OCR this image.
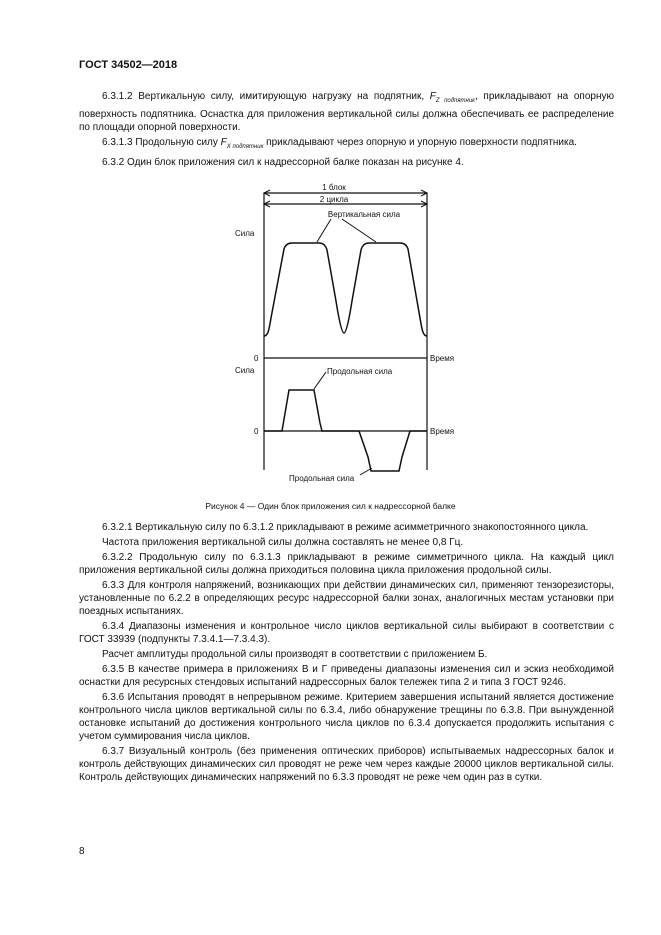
ГОСТ 34502—2018

6.3.1.2 Вертикальную силу, имитирующую нагрузку на подпятник, $F_{Z подпятник}$, прикладывают на опорную поверхность подпятника. Оснастка для приложения вертикальной силы должна обеспечивать ее распределение по площади опорной поверхности.

6.3.1.3 Продольную силу $F_{X подпятник}$ прикладывают через опорную и упорную поверхности подпятника.

6.3.2 Один блок приложения сил к надрессорной балке показан на рисунке 4.

1 блок
2 цикла
Вертикальная сила
Сила
0	Время
Сила	Продольная сила
0	Время
Продольная сила
Рисунок 4 — Один блок приложения сил к надрессорной балке

6.3.2.1 Вертикальную силу по 6.3.1.2 прикладывают в режиме асимметричного знакопостоянного цикла.

Частота приложения вертикальной силы должна составлять не менее 0,8 Гц.

6.3.2.2 Продольную силу по 6.3.1.3 прикладывают в режиме симметричного цикла. На каждый цикл приложения вертикальной силы должна приходиться половина цикла приложения продольной силы.

6.3.3 Для контроля напряжений, возникающих при действии динамических сил, применяют тензорезисторы, установленные по 6.2.2 в определяющих ресурс надрессорной балки зонах, аналогичных местам установки при поездных испытаниях.

6.3.4 Диапазоны изменения и контрольное число циклов вертикальной силы выбирают в соответствии с ГОСТ 33939 (подпункты 7.3.4.1—7.3.4.3).

Расчет амплитуды продольной силы производят в соответствии с приложением Б.

6.3.5 В качестве примера в приложениях В и Г приведены диапазоны изменения сил и эскиз необходимой оснастки для ресурсных стендовых испытаний надрессорных балок тележек типа 2 и типа 3 ГОСТ 9246.

6.3.6 Испытания проводят в непрерывном режиме. Критерием завершения испытаний является достижение контрольного числа циклов вертикальной силы по 6.3.4, либо обнаружение трещины по 6.3.8. При вынужденной остановке испытаний до достижения контрольного числа циклов по 6.3.4 допускается продолжить испытания с учетом суммирования числа циклов.

6.3.7 Визуальный контроль (без применения оптических приборов) испытываемых надрессорных балок и контроль действующих динамических сил проводят не реже чем через каждые 20000 циклов вертикальной силы. Контроль действующих динамических напряжений по 6.3.3 проводят не реже чем один раз в сутки.

8
